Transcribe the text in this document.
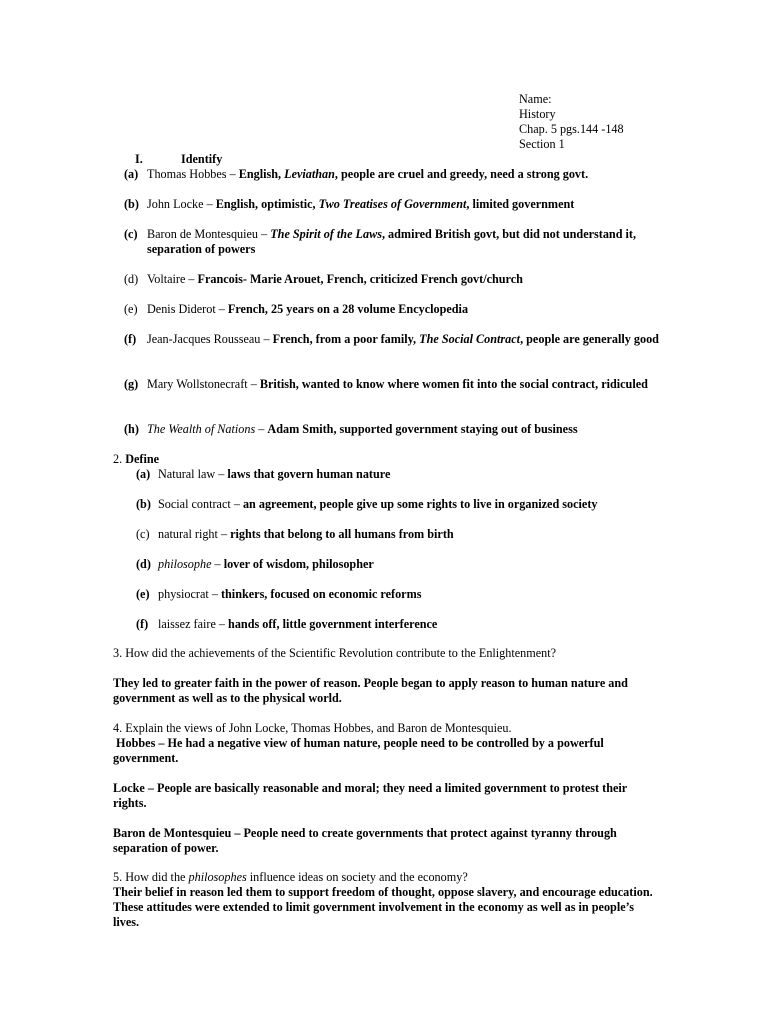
Name:
History
Chap. 5 pgs.144 -148
Section 1
I.	Identify
(a) Thomas Hobbes – English, Leviathan, people are cruel and greedy, need a strong govt.
(b) John Locke – English, optimistic, Two Treatises of Government, limited government
(c) Baron de Montesquieu – The Spirit of the Laws, admired British govt, but did not understand it, separation of powers
(d) Voltaire – Francois- Marie Arouet, French, criticized French govt/church
(e) Denis Diderot – French, 25 years on a 28 volume Encyclopedia
(f) Jean-Jacques Rousseau – French, from a poor family, The Social Contract, people are generally good
(g) Mary Wollstonecraft – British, wanted to know where women fit into the social contract, ridiculed
(h) The Wealth of Nations – Adam Smith, supported government staying out of business
2. Define
(a) Natural law – laws that govern human nature
(b) Social contract – an agreement, people give up some rights to live in organized society
(c) natural right – rights that belong to all humans from birth
(d) philosophe – lover of wisdom, philosopher
(e) physiocrat – thinkers, focused on economic reforms
(f) laissez faire – hands off, little government interference
3. How did the achievements of the Scientific Revolution contribute to the Enlightenment?
They led to greater faith in the power of reason. People began to apply reason to human nature and government as well as to the physical world.
4. Explain the views of John Locke, Thomas Hobbes, and Baron de Montesquieu.
Hobbes – He had a negative view of human nature, people need to be controlled by a powerful government.
Locke – People are basically reasonable and moral; they need a limited government to protest their rights.
Baron de Montesquieu – People need to create governments that protect against tyranny through separation of power.
5. How did the philosophes influence ideas on society and the economy?
Their belief in reason led them to support freedom of thought, oppose slavery, and encourage education. These attitudes were extended to limit government involvement in the economy as well as in people’s lives.
